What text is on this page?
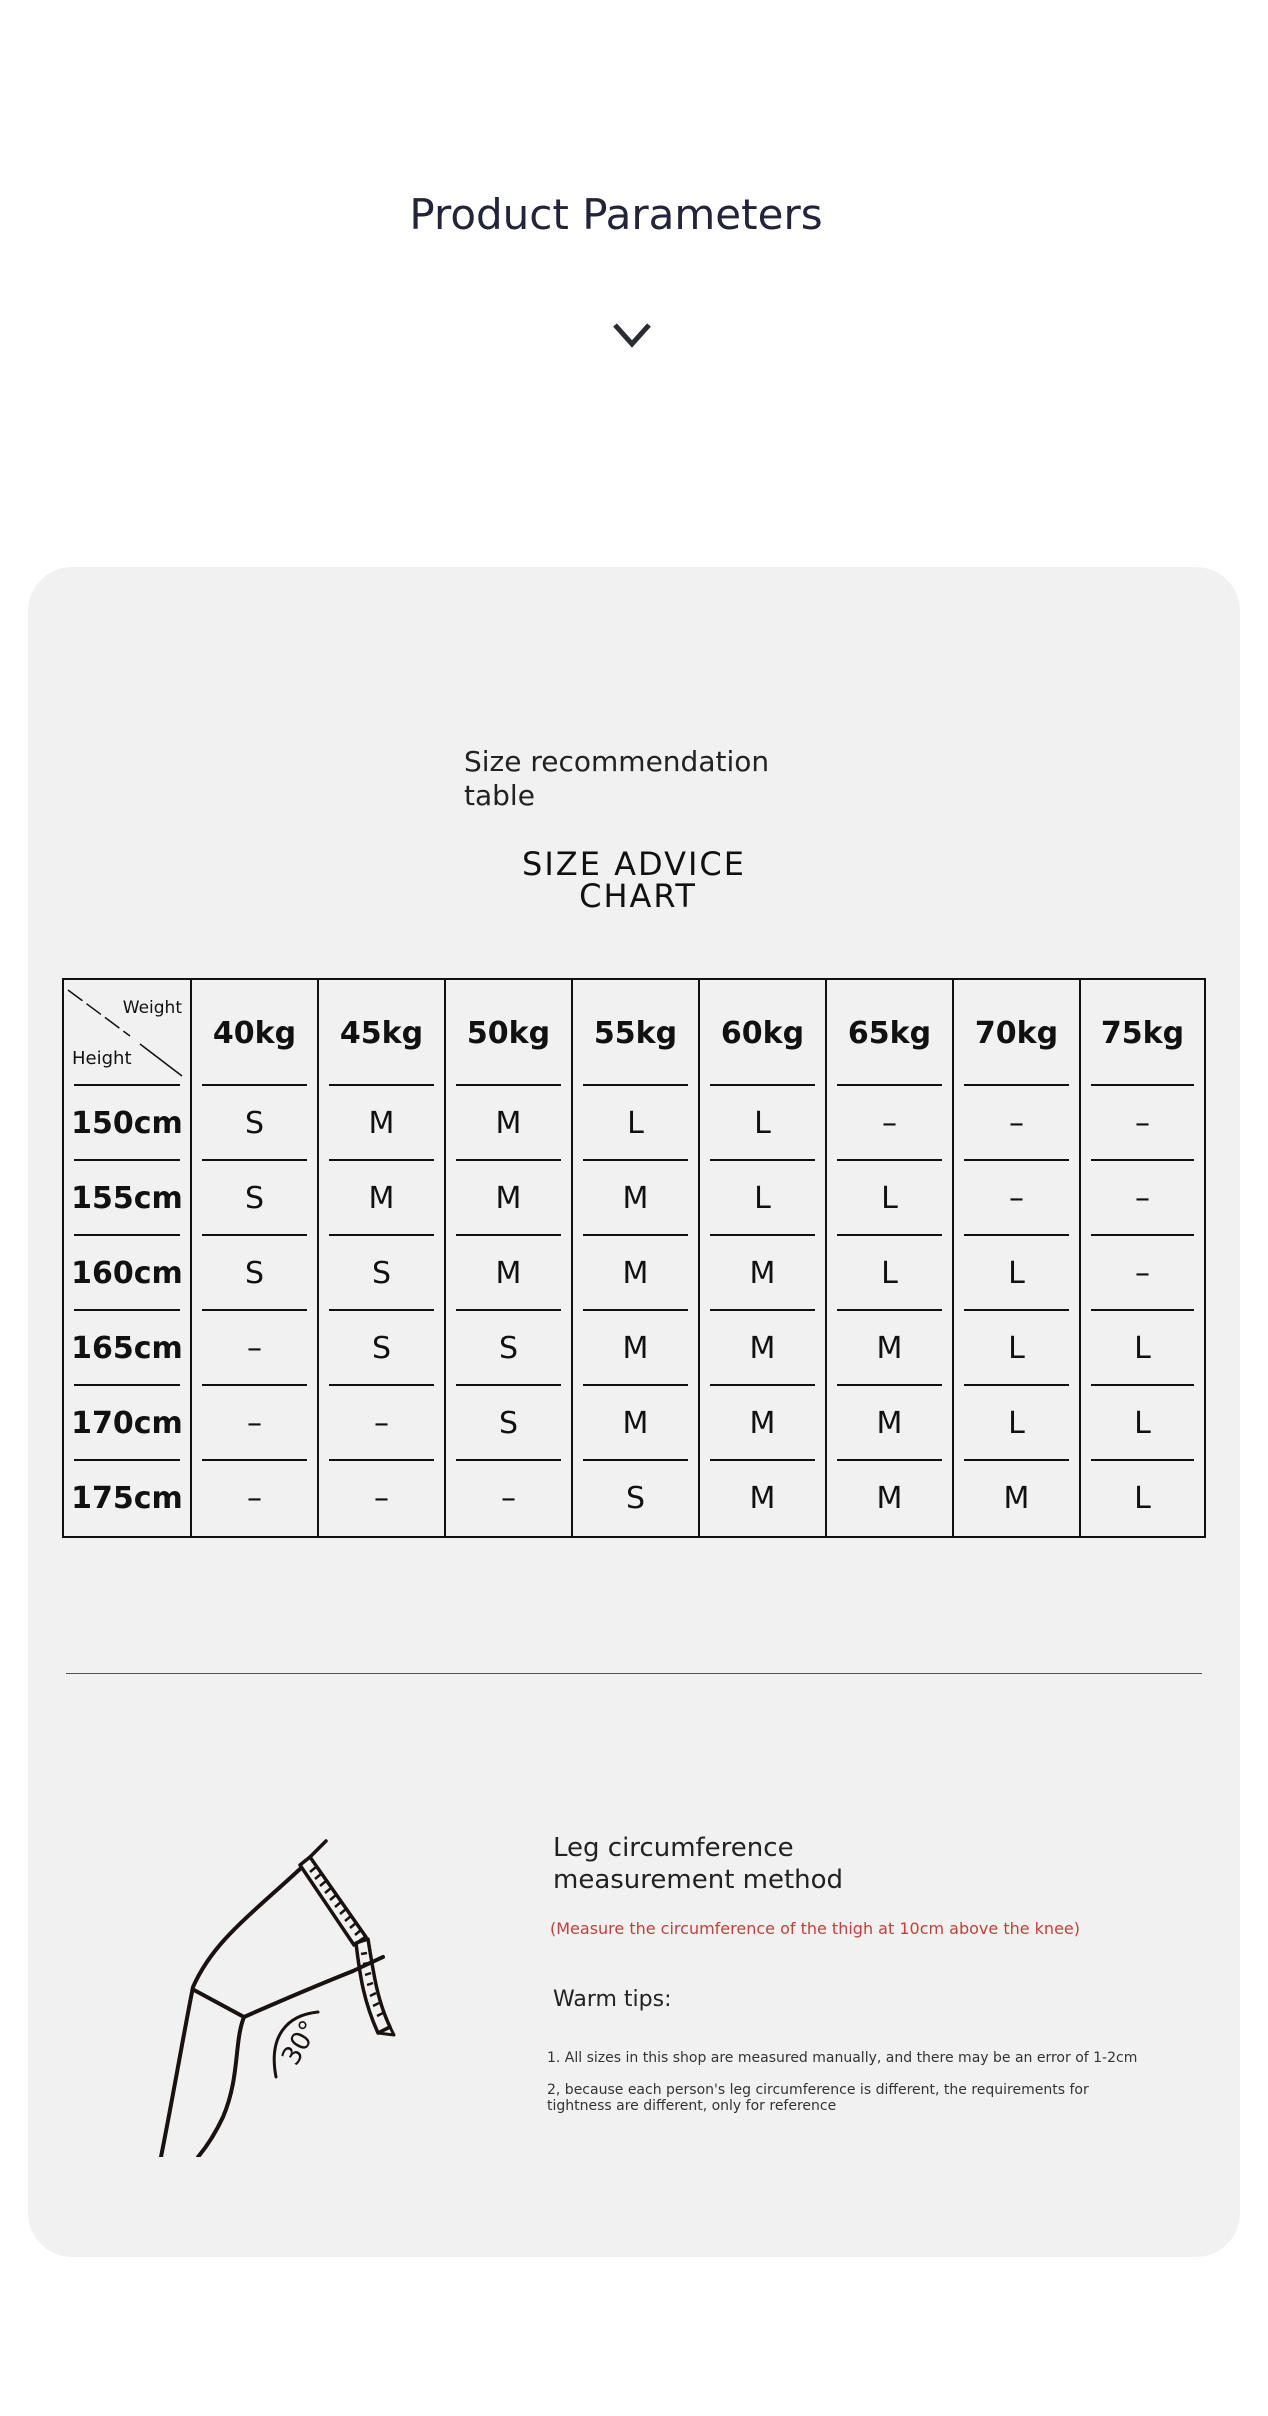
Product Parameters
Size recommendation table
SIZE ADVICE
CHART
Weight
Height	40kg	45kg	50kg	55kg	60kg	65kg	70kg	75kg

150cm	S	M	M	L	L	–	–	–

155cm	S	M	M	M	L	L	–	–

160cm	S	S	M	M	M	L	L	–

165cm	–	S	S	M	M	M	L	L

170cm	–	–	S	M	M	M	L	L

175cm	–	–	–	S	M	M	M	L
30°
Leg circumference measurement method
(Measure the circumference of the thigh at 10cm above the knee)
Warm tips:
1. All sizes in this shop are measured manually, and there may be an error of 1-2cm
2, because each person's leg circumference is different, the requirements for tightness are different, only for reference
